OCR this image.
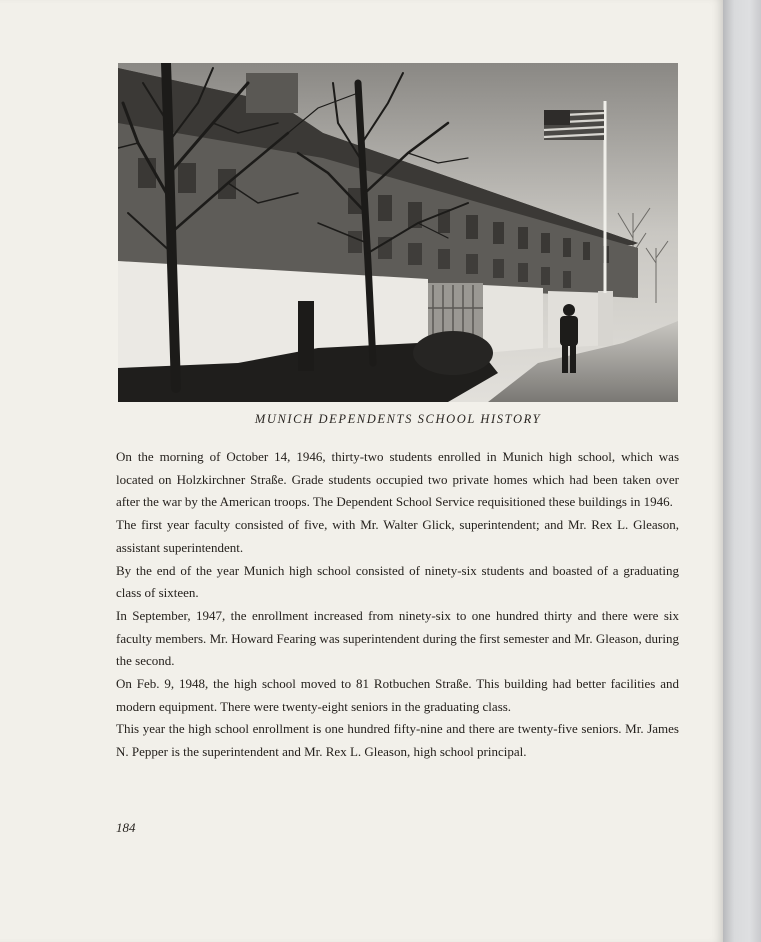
MUNICH DEPENDENTS SCHOOL HISTORY

On the morning of October 14, 1946, thirty-two students enrolled in Munich high school, which was located on Holzkirchner Straße. Grade students occupied two private homes which had been taken over after the war by the American troops. The Dependent School Service requisitioned these buildings in 1946.

The first year faculty consisted of five, with Mr. Walter Glick, superintendent; and Mr. Rex L. Gleason, assistant superintendent.

By the end of the year Munich high school consisted of ninety-six students and boasted of a graduating class of sixteen.

In September, 1947, the enrollment increased from ninety-six to one hundred thirty and there were six faculty members. Mr. Howard Fearing was superintendent during the first semester and Mr. Gleason, during the second.

On Feb. 9, 1948, the high school moved to 81 Rotbuchen Straße. This building had better facilities and modern equipment. There were twenty-eight seniors in the graduating class.

This year the high school enrollment is one hundred fifty-nine and there are twenty-five seniors. Mr. James N. Pepper is the superintendent and Mr. Rex L. Gleason, high school principal.

184
